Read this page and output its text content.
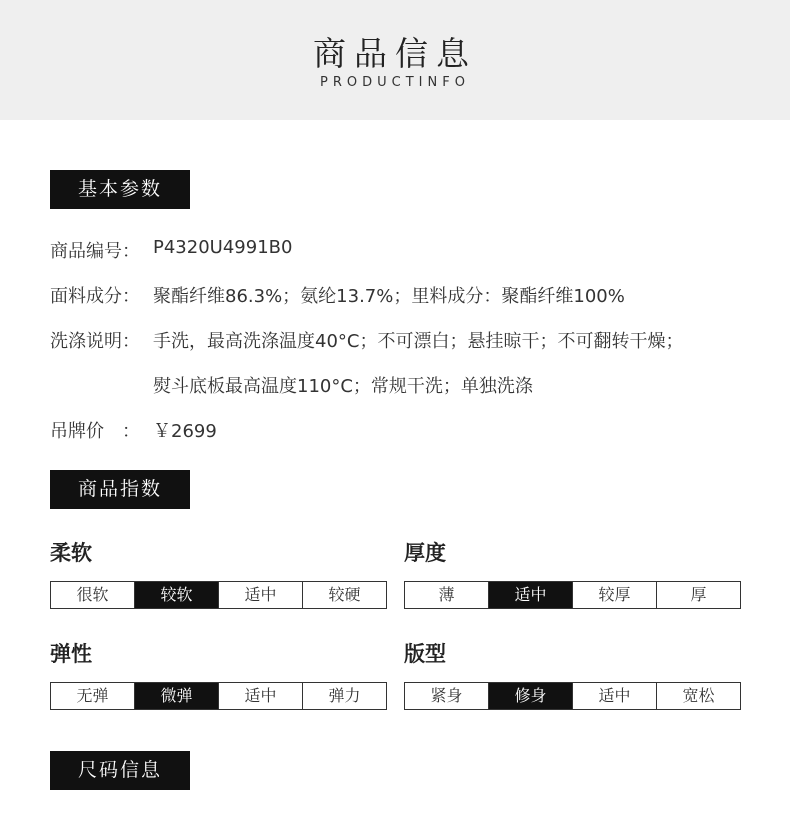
商品信息
PRODUCTINFO
基本参数
商品编号： P4320U4991B0
面料成分： 聚酯纤维86.3%；氨纶13.7%；里料成分：聚酯纤维100%
洗涤说明： 手洗，最高洗涤温度40°C；不可漂白；悬挂晾干；不可翻转干燥；
熨斗底板最高温度110°C；常规干洗；单独洗涤
吊牌价　： ￥2699
商品指数
柔软
很软	较软	适中	较硬
厚度
薄	适中	较厚	厚
弹性
无弹	微弹	适中	弹力
版型
紧身	修身	适中	宽松
尺码信息
